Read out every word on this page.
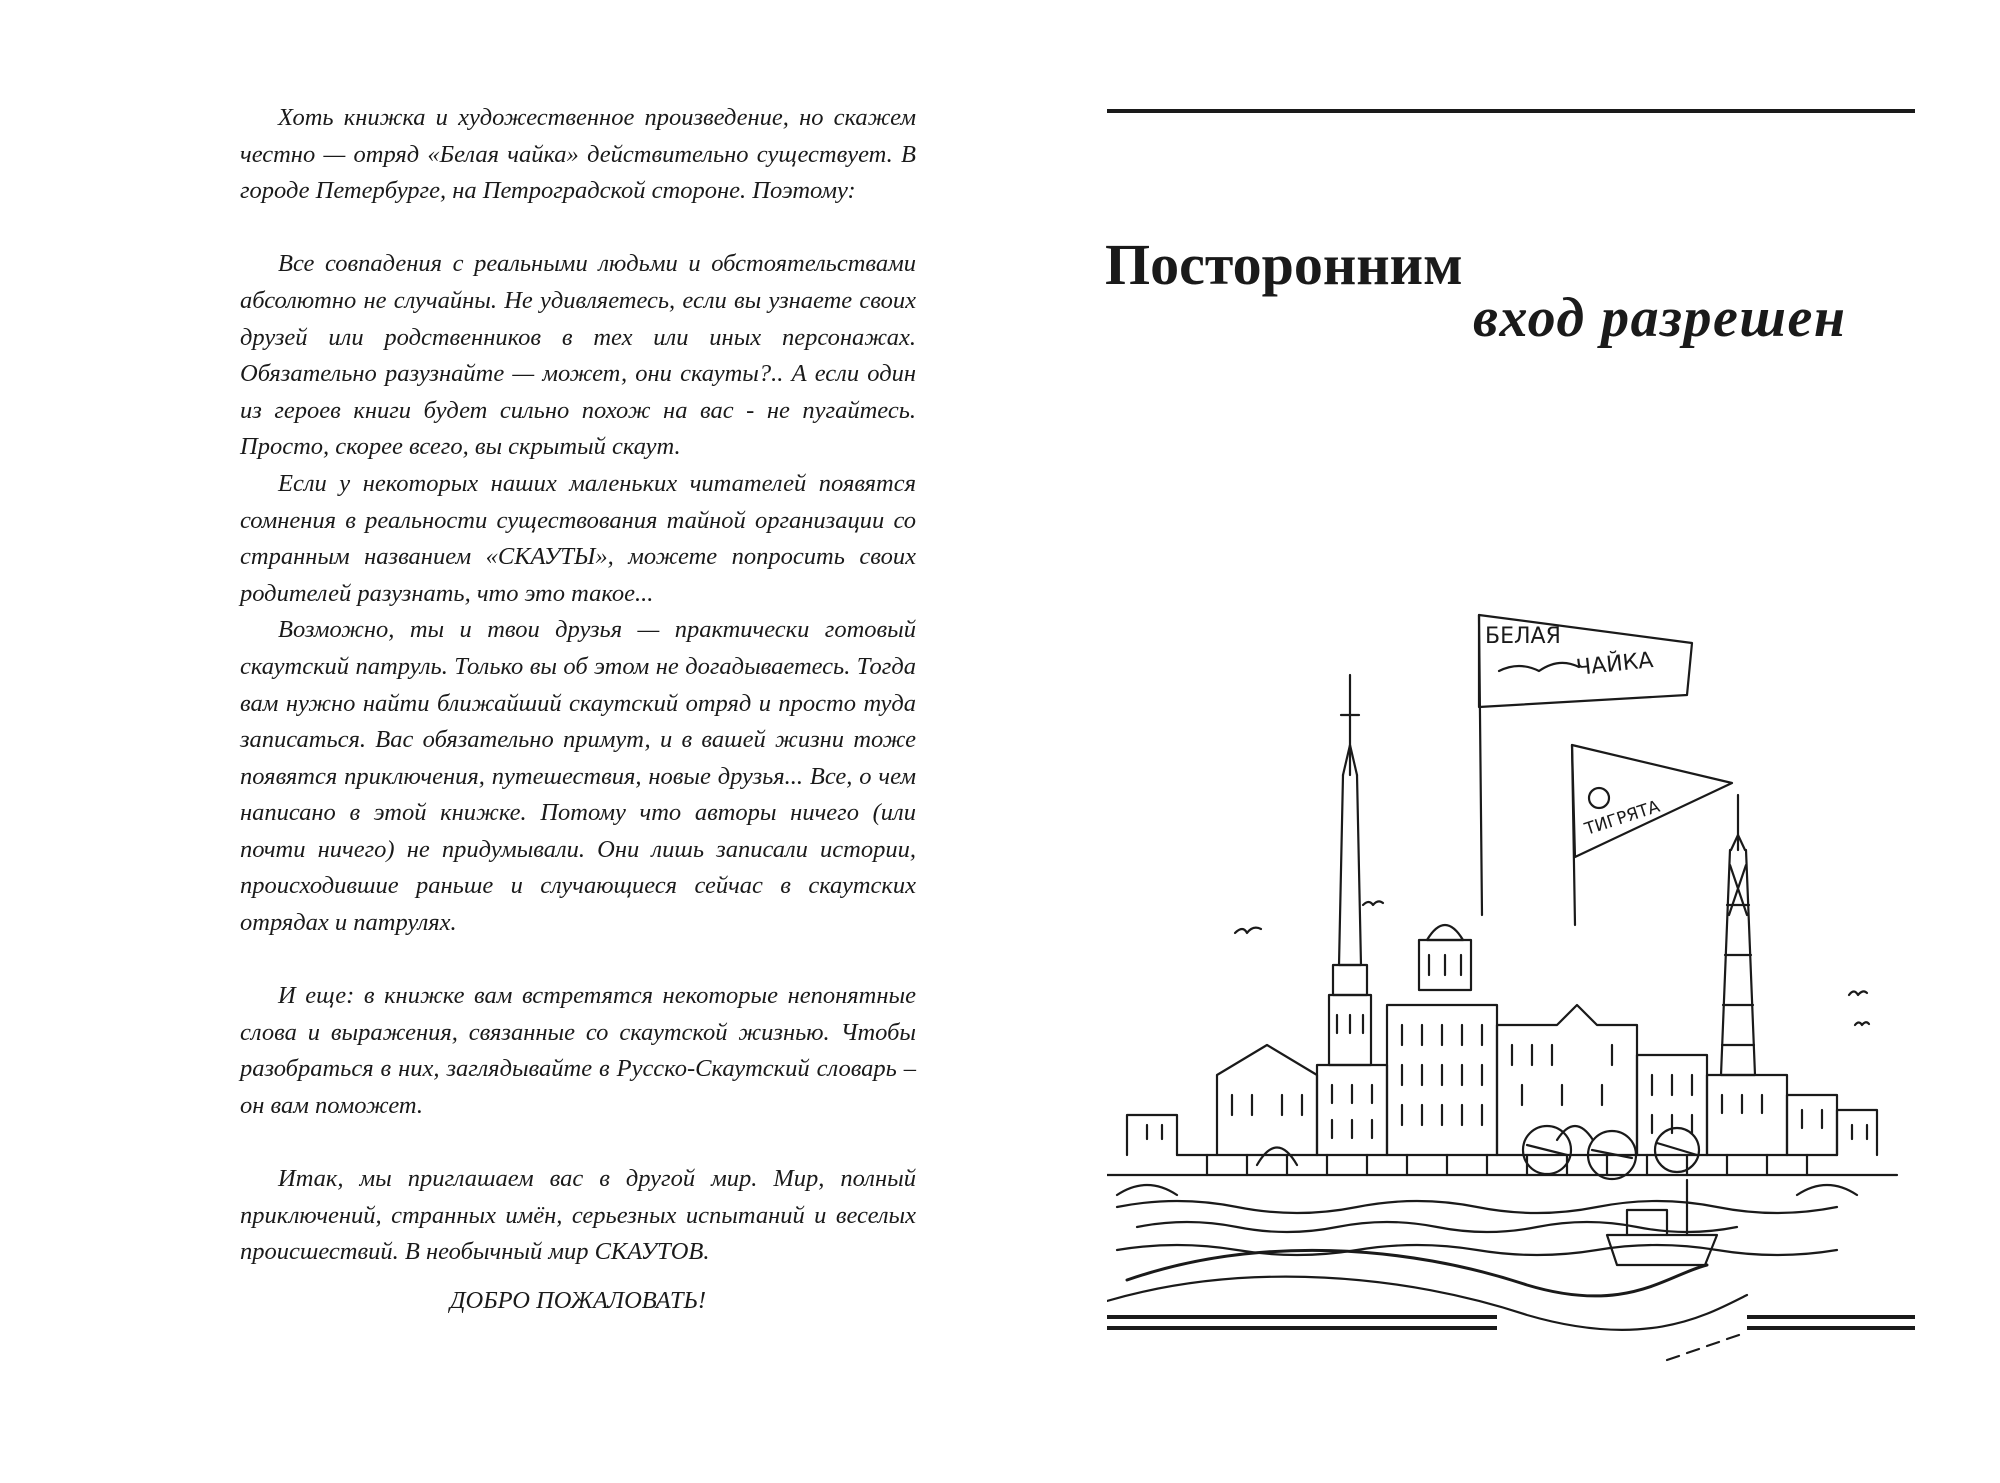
Хоть книжка и художественное произведение, но скажем честно — отряд «Белая чайка» действительно существует. В городе Петербурге, на Петроградской стороне. Поэтому:

Все совпадения с реальными людьми и обстоятельствами абсолютно не случайны. Не удивляетесь, если вы узнаете своих друзей или родственников в тех или иных персонажах. Обязательно разузнайте — может, они скауты?.. А если один из героев книги будет сильно похож на вас - не пугайтесь. Просто, скорее всего, вы скрытый скаут.

Если у некоторых наших маленьких читателей появятся сомнения в реальности существования тайной организации со странным названием «СКАУТЫ», можете попросить своих родителей разузнать, что это такое...

Возможно, ты и твои друзья — практически готовый скаутский патруль. Только вы об этом не догадываетесь. Тогда вам нужно найти ближайший скаутский отряд и просто туда записаться. Вас обязательно примут, и в вашей жизни тоже появятся приключения, путешествия, новые друзья... Все, о чем написано в этой книжке. Потому что авторы ничего (или почти ничего) не придумывали. Они лишь записали истории, происходившие раньше и случающиеся сейчас в скаутских отрядах и патрулях.

И еще: в книжке вам встретятся некоторые непонятные слова и выражения, связанные со скаутской жизнью. Чтобы разобраться в них, заглядывайте в Русско-Скаутский словарь – он вам поможет.

Итак, мы приглашаем вас в другой мир. Мир, полный приключений, странных имён, серьезных испытаний и веселых происшествий. В необычный мир СКАУТОВ.

ДОБРО ПОЖАЛОВАТЬ!

Посторонним
вход разрешен
БЕЛАЯ
ЧАЙКА
ТИГРЯТА
